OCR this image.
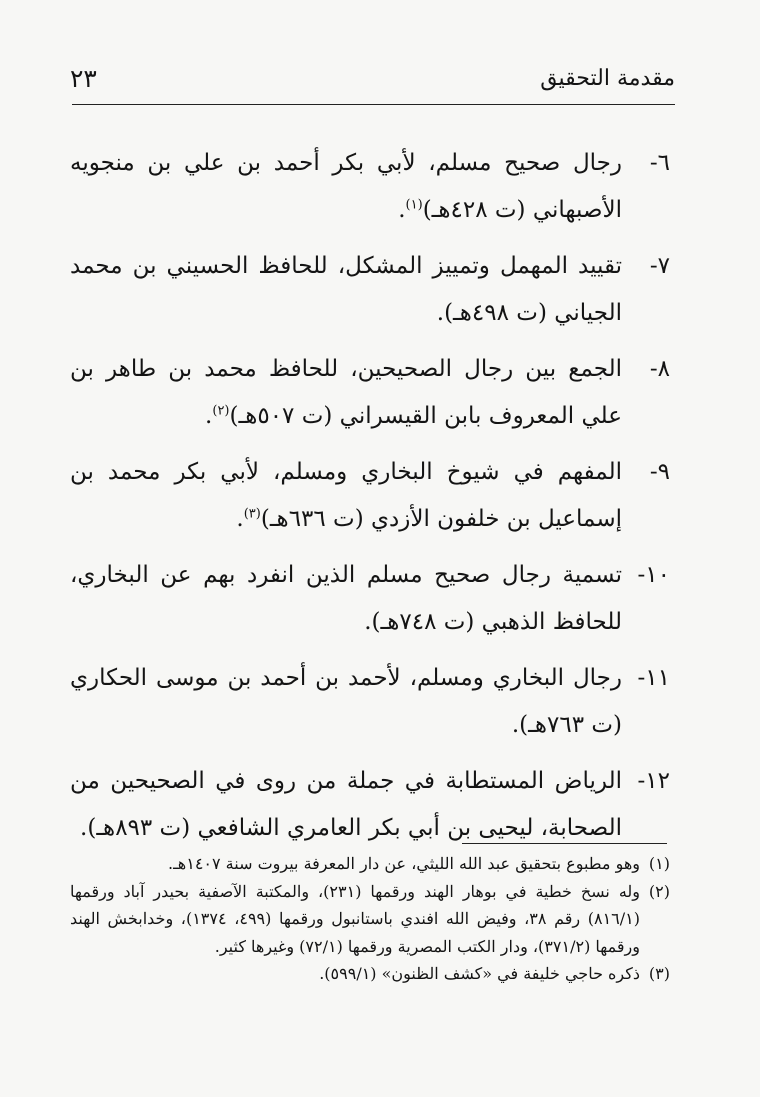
٢٣	مقدمة التحقيق
٦-
رجال صحيح مسلم، لأبي بكر أحمد بن علي بن منجويه الأصبهاني (ت ٤٢٨هـ)$^{(١)}$.
٧-
تقييد المهمل وتمييز المشكل، للحافظ الحسيني بن محمد الجياني (ت ٤٩٨هـ).
٨-
الجمع بين رجال الصحيحين، للحافظ محمد بن طاهر بن علي المعروف بابن القيسراني (ت ٥٠٧هـ)$^{(٢)}$.
٩-
المفهم في شيوخ البخاري ومسلم، لأبي بكر محمد بن إسماعيل بن خلفون الأزدي (ت ٦٣٦هـ)$^{(٣)}$.
١٠-
تسمية رجال صحيح مسلم الذين انفرد بهم عن البخاري، للحافظ الذهبي (ت ٧٤٨هـ).
١١-
رجال البخاري ومسلم، لأحمد بن أحمد بن موسى الحكاري (ت ٧٦٣هـ).
١٢-
الرياض المستطابة في جملة من روى في الصحيحين من الصحابة، ليحيى بن أبي بكر العامري الشافعي (ت ٨٩٣هـ).
(١)
وهو مطبوع بتحقيق عبد الله الليثي، عن دار المعرفة بيروت سنة ١٤٠٧هـ.
(٢)
وله نسخ خطية في بوهار الهند ورقمها (٢٣١)، والمكتبة الآصفية بحيدر آباد ورقمها (٨١٦/١) رقم ٣٨، وفيض الله افندي باستانبول ورقمها (٤٩٩، ١٣٧٤)، وخدابخش الهند ورقمها (٣٧١/٢)، ودار الكتب المصرية ورقمها (٧٢/١) وغيرها كثير.
(٣)
ذكره حاجي خليفة في «كشف الظنون» (٥٩٩/١).
